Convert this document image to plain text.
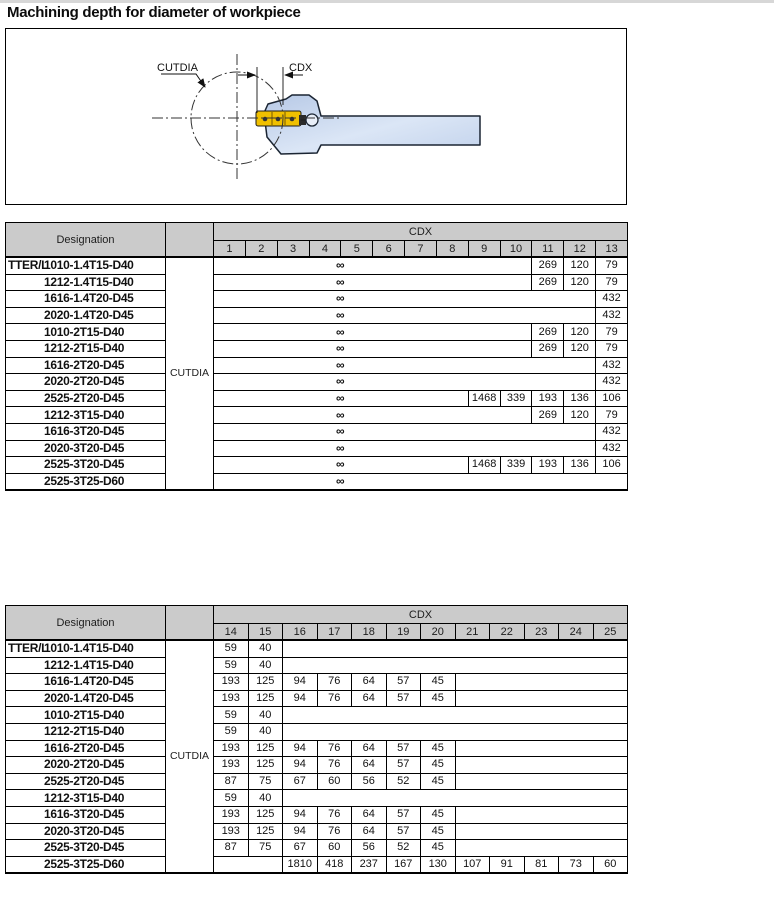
Machining depth for diameter of workpiece
CDX
CUTDIA
Designation		CDX												
		1	2	3	4	5	6	7	8	9	10	11	12	13
TTER/L1010-1.4T15-D40	CUTDIA	∞										269	120	79
1212-1.4T15-D40		∞										269	120	79
1616-1.4T20-D45		∞												432
2020-1.4T20-D45		∞												432
1010-2T15-D40		∞										269	120	79
1212-2T15-D40		∞										269	120	79
1616-2T20-D45		∞												432
2020-2T20-D45		∞												432
2525-2T20-D45		∞								1468	339	193	136	106
1212-3T15-D40		∞										269	120	79
1616-3T20-D45		∞												432
2020-3T20-D45		∞												432
2525-3T20-D45		∞								1468	339	193	136	106
2525-3T25-D60		∞												
Designation		CDX											
		14	15	16	17	18	19	20	21	22	23	24	25
TTER/L1010-1.4T15-D40	CUTDIA	59	40										
1212-1.4T15-D40		59	40										
1616-1.4T20-D45		193	125	94	76	64	57	45					
2020-1.4T20-D45		193	125	94	76	64	57	45					
1010-2T15-D40		59	40										
1212-2T15-D40		59	40										
1616-2T20-D45		193	125	94	76	64	57	45					
2020-2T20-D45		193	125	94	76	64	57	45					
2525-2T20-D45		87	75	67	60	56	52	45					
1212-3T15-D40		59	40										
1616-3T20-D45		193	125	94	76	64	57	45					
2020-3T20-D45		193	125	94	76	64	57	45					
2525-3T20-D45		87	75	67	60	56	52	45					
2525-3T25-D60				1810	418	237	167	130	107	91	81	73	60
